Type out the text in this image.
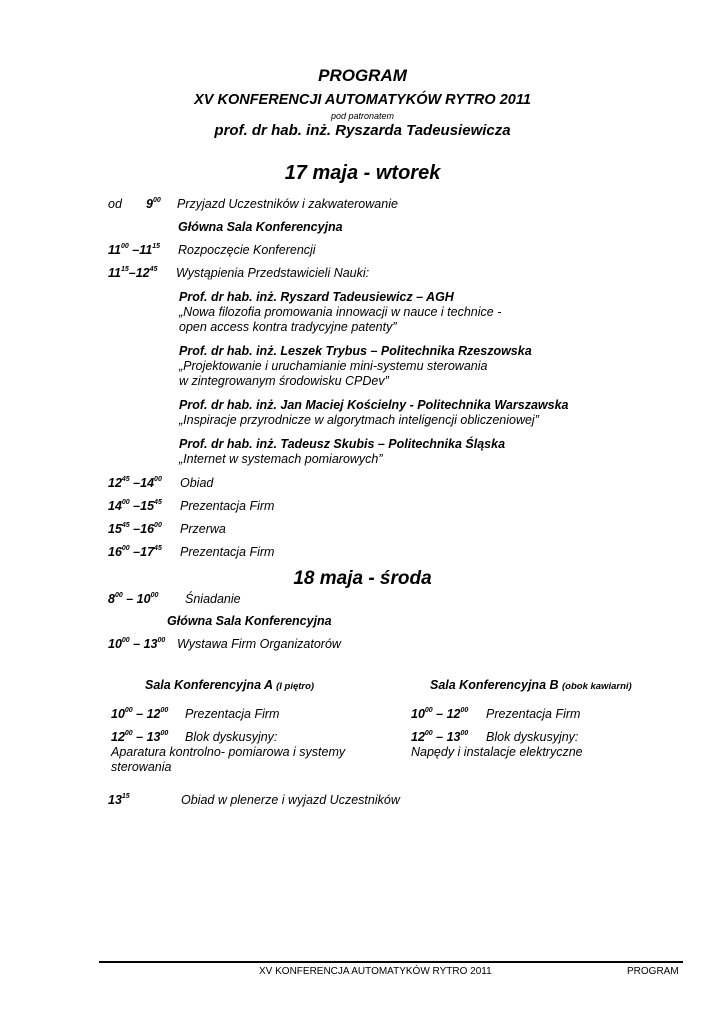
PROGRAM
XV KONFERENCJI AUTOMATYKÓW RYTRO 2011
pod patronatem
prof. dr hab. inż. Ryszarda Tadeusiewicza
17 maja - wtorek
od $9^{00}$ Przyjazd Uczestników i zakwaterowanie
Główna Sala Konferencyjna
$11^{00}$ $-11^{15}$ Rozpoczęcie Konferencji
$11^{15}-12^{45}$ Wystąpienia Przedstawicieli Nauki:
Prof. dr hab. inż. Ryszard Tadeusiewicz – AGH
„Nowa filozofia promowania innowacji w nauce i technice -
open access kontra tradycyjne patenty”
Prof. dr hab. inż. Leszek Trybus – Politechnika Rzeszowska
„Projektowanie i uruchamianie mini-systemu sterowania
w zintegrowanym środowisku CPDev”
Prof. dr hab. inż. Jan Maciej Kościelny - Politechnika Warszawska
„Inspiracje przyrodnicze w algorytmach inteligencji obliczeniowej”
Prof. dr hab. inż. Tadeusz Skubis – Politechnika Śląska
„Internet w systemach pomiarowych”
$12^{45}$ $-14^{00}$ Obiad
$14^{00}$ $-15^{45}$ Prezentacja Firm
$15^{45}$ $-16^{00}$ Przerwa
$16^{00}$ $-17^{45}$ Prezentacja Firm
18 maja - środa
$8^{00} - 10^{00}$ Śniadanie
Główna Sala Konferencyjna
$10^{00} - 13^{00}$ Wystawa Firm Organizatorów
Sala Konferencyjna A (I piętro)
$10^{00} - 12^{00}$ Prezentacja Firm
$12^{00} - 13^{00}$ Blok dyskusyjny:
Aparatura kontrolno- pomiarowa i systemy
sterowania
Sala Konferencyjna B (obok kawiarni)
$10^{00} - 12^{00}$ Prezentacja Firm
$12^{00} - 13^{00}$ Blok dyskusyjny:
Napędy i instalacje elektryczne
$13^{15}$	Obiad w plenerze i wyjazd Uczestników
XV KONFERENCJA AUTOMATYKÓW RYTRO 2011	PROGRAM
